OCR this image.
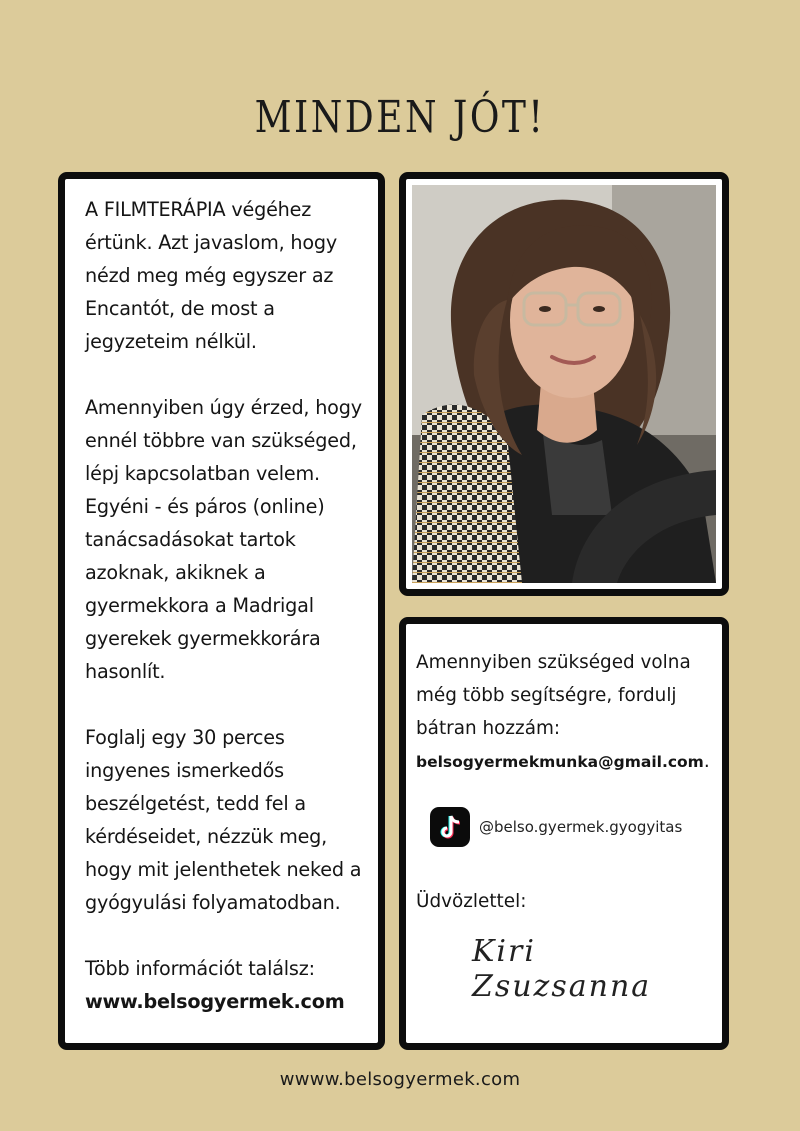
MINDEN JÓT!

A FILMTERÁPIA végéhez értünk. Azt javaslom, hogy nézd meg még egyszer az Encantót, de most a jegyzeteim nélkül.

Amennyiben úgy érzed, hogy ennél többre van szükséged, lépj kapcsolatban velem. Egyéni - és páros (online) tanácsadásokat tartok azoknak, akiknek a gyermekkora a Madrigal gyerekek gyermekkorára hasonlít.

Foglalj egy 30 perces ingyenes ismerkedős beszélgetést, tedd fel a kérdéseidet, nézzük meg, hogy mit jelenthetek neked a gyógyulási folyamatodban.

Több információt találsz:
www.belsogyermek.com

Amennyiben szükséged volna még több segítségre, fordulj bátran hozzám:

belsogyermekmunka@gmail.com.
@belso.gyermek.gyogyitas
Üdvözlettel:
Kiri Zsuzsanna
wwww.belsogyermek.com
